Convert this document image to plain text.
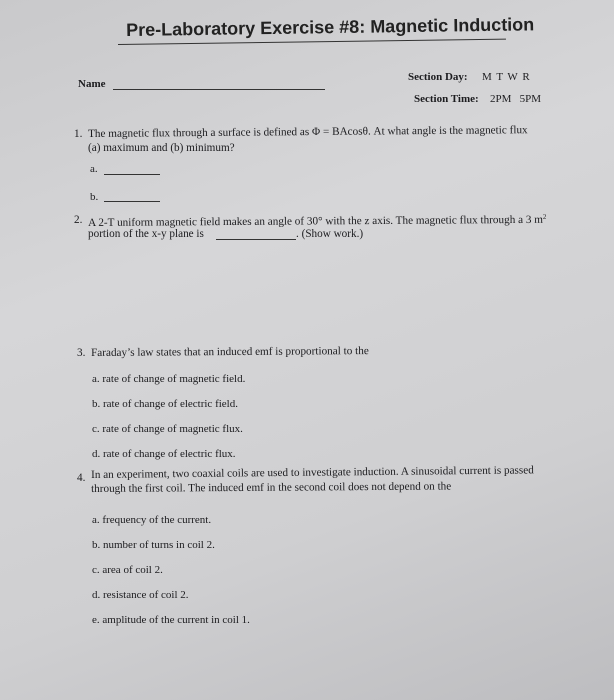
Pre-Laboratory Exercise #8: Magnetic Induction
Name
Section Day: M T W R
Section Time: 2PM   5PM
1. The magnetic flux through a surface is defined as Φ = BAcosθ. At what angle is the magnetic flux
(a) maximum and (b) minimum?
a.
b.
2. A 2-T uniform magnetic field makes an angle of 30° with the z axis. The magnetic flux through a 3 $m^2$
portion of the x-y plane is	. (Show work.)
3. Faraday’s law states that an induced emf is proportional to the
a. rate of change of magnetic field.
b. rate of change of electric field.
c. rate of change of magnetic flux.
d. rate of change of electric flux.
4. In an experiment, two coaxial coils are used to investigate induction. A sinusoidal current is passed
through the first coil. The induced emf in the second coil does not depend on the
a. frequency of the current.
b. number of turns in coil 2.
c. area of coil 2.
d. resistance of coil 2.
e. amplitude of the current in coil 1.
